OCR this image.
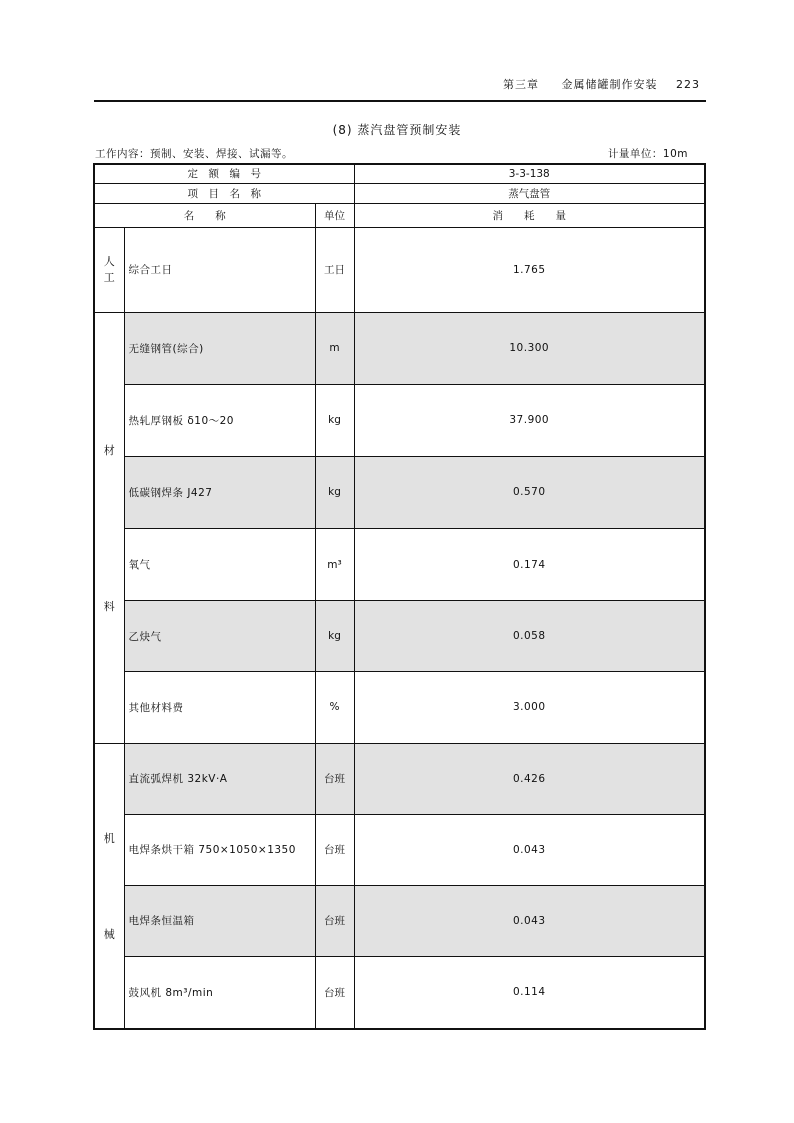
第三章 金属储罐制作安装 223
(8) 蒸汽盘管预制安装
工作内容：预制、安装、焊接、试漏等。	计量单位：10m
定　额　编　号			3-3-138
项　目　名　称			蒸气盘管
名　　称		单位	消　　耗　　量

人
工	综合工日	工日	1.765

材
料	无缝钢管(综合)	m	10.300
	热轧厚钢板 δ10～20	kg	37.900
	低碳钢焊条 J427	kg	0.570
	氧气	m³	0.174
	乙炔气	kg	0.058
	其他材料费	%	3.000

机
械	直流弧焊机 32kV·A	台班	0.426
	电焊条烘干箱 750×1050×1350	台班	0.043
	电焊条恒温箱	台班	0.043
	鼓风机 8m³/min	台班	0.114
